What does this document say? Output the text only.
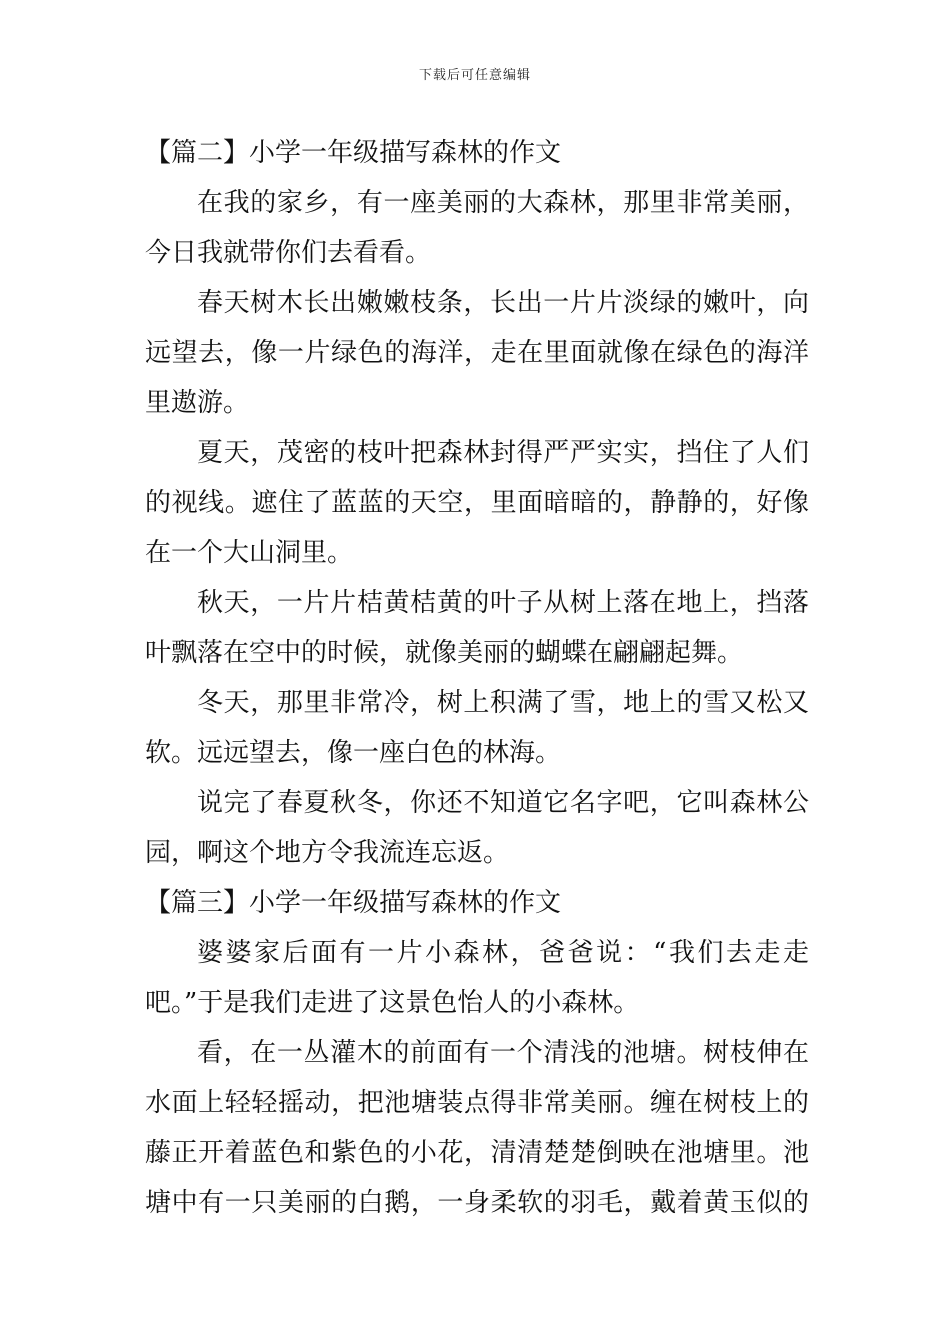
下载后可任意编辑
【篇二】小学一年级描写森林的作文
在我的家乡，有一座美丽的大森林，那里非常美丽，
今日我就带你们去看看。
春天树木长出嫩嫩枝条，长出一片片淡绿的嫩叶，向
远望去，像一片绿色的海洋，走在里面就像在绿色的海洋
里遨游。
夏天，茂密的枝叶把森林封得严严实实，挡住了人们
的视线。遮住了蓝蓝的天空，里面暗暗的，静静的，好像
在一个大山洞里。
秋天，一片片桔黄桔黄的叶子从树上落在地上，挡落
叶飘落在空中的时候，就像美丽的蝴蝶在翩翩起舞。
冬天，那里非常冷，树上积满了雪，地上的雪又松又
软。远远望去，像一座白色的林海。
说完了春夏秋冬，你还不知道它名字吧，它叫森林公
园，啊这个地方令我流连忘返。
【篇三】小学一年级描写森林的作文
婆婆家后面有一片小森林，爸爸说：“我们去走走
吧。”于是我们走进了这景色怡人的小森林。
看，在一丛灌木的前面有一个清浅的池塘。树枝伸在
水面上轻轻摇动，把池塘装点得非常美丽。缠在树枝上的
藤正开着蓝色和紫色的小花，清清楚楚倒映在池塘里。池
塘中有一只美丽的白鹅，一身柔软的羽毛，戴着黄玉似的
